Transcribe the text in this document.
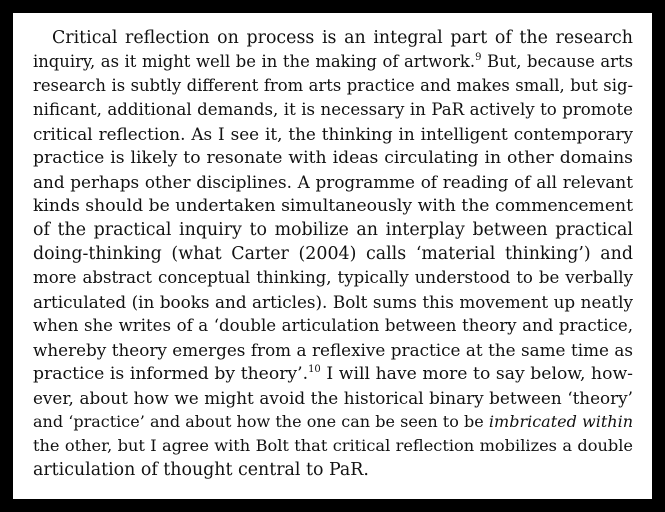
Critical reflection on process is an integral part of the research
inquiry, as it might well be in the making of artwork.$^9$ But, because arts
research is subtly different from arts practice and makes small, but sig-
nificant, additional demands, it is necessary in PaR actively to promote
critical reflection. As I see it, the thinking in intelligent contemporary
practice is likely to resonate with ideas circulating in other domains
and perhaps other disciplines. A programme of reading of all relevant
kinds should be undertaken simultaneously with the commencement
of the practical inquiry to mobilize an interplay between practical
doing-thinking (what Carter (2004) calls ‘material thinking’) and
more abstract conceptual thinking, typically understood to be verbally
articulated (in books and articles). Bolt sums this movement up neatly
when she writes of a ‘double articulation between theory and practice,
whereby theory emerges from a reflexive practice at the same time as
practice is informed by theory’.$^{10}$ I will have more to say below, how-
ever, about how we might avoid the historical binary between ‘theory’
and ‘practice’ and about how the one can be seen to be imbricated within
the other, but I agree with Bolt that critical reflection mobilizes a double
articulation of thought central to PaR.
